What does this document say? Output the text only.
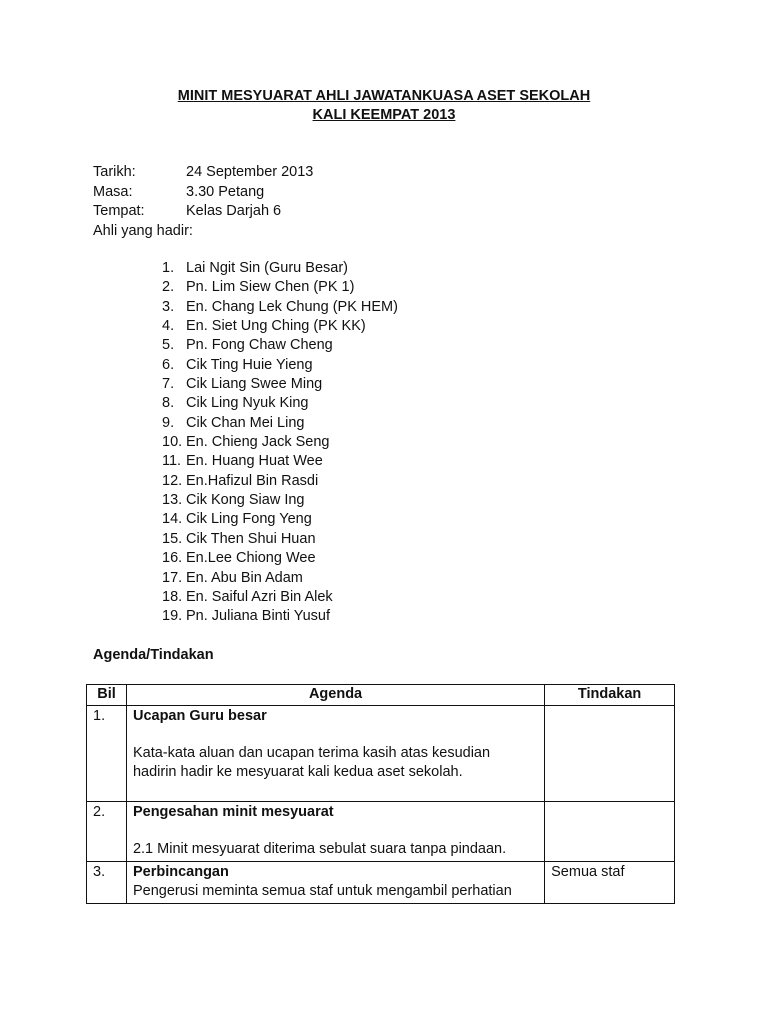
MINIT MESYUARAT AHLI JAWATANKUASA ASET SEKOLAH
KALI KEEMPAT 2013
Tarikh:	24 September 2013
Masa:	3.30 Petang
Tempat:	Kelas Darjah 6
Ahli yang hadir:
1. Lai Ngit Sin (Guru Besar)
2. Pn. Lim Siew Chen (PK 1)
3. En. Chang Lek Chung (PK HEM)
4. En. Siet Ung Ching (PK KK)
5. Pn. Fong Chaw Cheng
6. Cik Ting Huie Yieng
7. Cik Liang Swee Ming
8. Cik Ling Nyuk King
9. Cik Chan Mei Ling
10. En. Chieng Jack Seng
11. En. Huang Huat Wee
12. En.Hafizul Bin Rasdi
13. Cik Kong Siaw Ing
14. Cik Ling Fong Yeng
15. Cik Then Shui Huan
16. En.Lee Chiong Wee
17. En. Abu Bin Adam
18. En. Saiful Azri Bin Alek
19. Pn. Juliana Binti Yusuf
Agenda/Tindakan
Bil	Agenda	Tindakan
1.	Ucapan Guru besar
Kata-kata aluan dan ucapan terima kasih atas kesudian
hadirin hadir ke mesyuarat kali kedua aset sekolah.	

2.	Pengesahan minit mesyuarat
2.1 Minit mesyuarat diterima sebulat suara tanpa pindaan.	

3.	Perbincangan
Pengerusi meminta semua staf untuk mengambil perhatian	Semua staf
